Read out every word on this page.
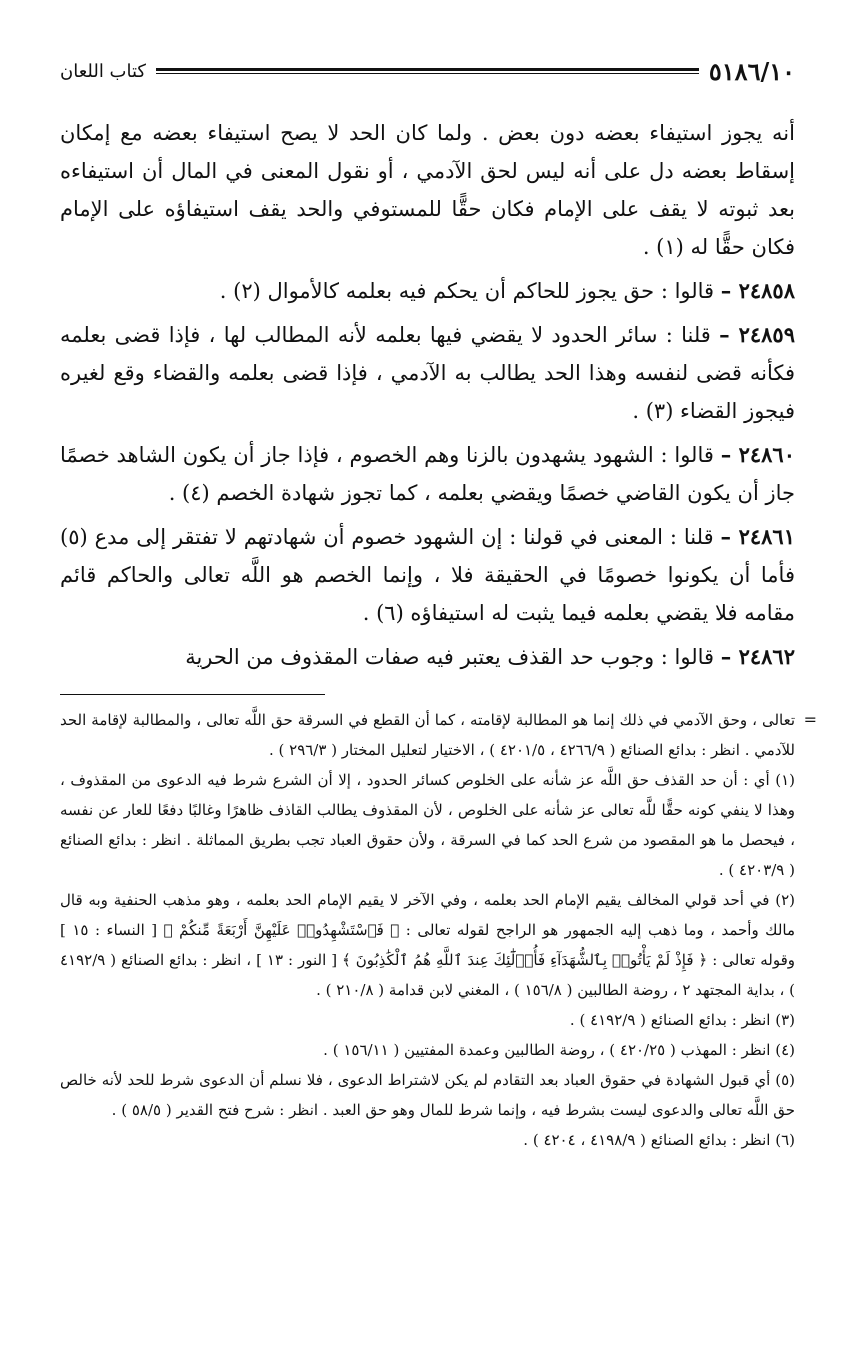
٥١٨٦/١٠
كتاب اللعان

أنه يجوز استيفاء بعضه دون بعض . ولما كان الحد لا يصح استيفاء بعضه مع إمكان إسقاط بعضه دل على أنه ليس لحق الآدمي ، أو نقول المعنى في المال أن استيفاءه بعد ثبوته لا يقف على الإمام فكان حقًّا للمستوفي والحد يقف استيفاؤه على الإمام فكان حقًّا له (١) .

٢٤٨٥٨ – قالوا : حق يجوز للحاكم أن يحكم فيه بعلمه كالأموال (٢) .

٢٤٨٥٩ – قلنا : سائر الحدود لا يقضي فيها بعلمه لأنه المطالب لها ، فإذا قضى بعلمه فكأنه قضى لنفسه وهذا الحد يطالب به الآدمي ، فإذا قضى بعلمه والقضاء وقع لغيره فيجوز القضاء (٣) .

٢٤٨٦٠ – قالوا : الشهود يشهدون بالزنا وهم الخصوم ، فإذا جاز أن يكون الشاهد خصمًا جاز أن يكون القاضي خصمًا ويقضي بعلمه ، كما تجوز شهادة الخصم (٤) .

٢٤٨٦١ – قلنا : المعنى في قولنا : إن الشهود خصوم أن شهادتهم لا تفتقر إلى مدع (٥) فأما أن يكونوا خصومًا في الحقيقة فلا ، وإنما الخصم هو اللَّه تعالى والحاكم قائم مقامه فلا يقضي بعلمه فيما يثبت له استيفاؤه (٦) .

٢٤٨٦٢ – قالوا : وجوب حد القذف يعتبر فيه صفات المقذوف من الحرية

=
تعالى ، وحق الآدمي في ذلك إنما هو المطالبة لإقامته ، كما أن القطع في السرقة حق اللَّه تعالى ، والمطالبة لإقامة الحد للآدمي . انظر : بدائع الصنائع ( ٤٢٦٦/٩ ، ٤٢٠١/٥ ) ، الاختيار لتعليل المختار ( ٢٩٦/٣ ) .

(١) أي : أن حد القذف حق اللَّه عز شأنه على الخلوص كسائر الحدود ، إلا أن الشرع شرط فيه الدعوى من المقذوف ، وهذا لا ينفي كونه حقًّا للَّه تعالى عز شأنه على الخلوص ، لأن المقذوف يطالب القاذف ظاهرًا وغالبًا دفعًا للعار عن نفسه ، فيحصل ما هو المقصود من شرع الحد كما في السرقة ، ولأن حقوق العباد تجب بطريق المماثلة . انظر : بدائع الصنائع ( ٤٢٠٣/٩ ) .

(٢) في أحد قولي المخالف يقيم الإمام الحد بعلمه ، وفي الآخر لا يقيم الإمام الحد بعلمه ، وهو مذهب الحنفية وبه قال مالك وأحمد ، وما ذهب إليه الجمهور هو الراجح لقوله تعالى : ﴿ فَٱسْتَشْهِدُوا۟ عَلَيْهِنَّ أَرْبَعَةً مِّنكُمْ ﴾ [ النساء : ١٥ ] وقوله تعالى : ﴿ فَإِذْ لَمْ يَأْتُوا۟ بِٱلشُّهَدَآءِ فَأُو۟لَٰٓئِكَ عِندَ ٱللَّهِ هُمُ ٱلْكَٰذِبُونَ ﴾ [ النور : ١٣ ] ، انظر : بدائع الصنائع ( ٤١٩٢/٩ ) ، بداية المجتهد ٢ ، روضة الطالبين ( ١٥٦/٨ ) ، المغني لابن قدامة ( ٢١٠/٨ ) .

(٣) انظر : بدائع الصنائع ( ٤١٩٢/٩ ) .

(٤) انظر : المهذب ( ٤٢٠/٢٥ ) ، روضة الطالبين وعمدة المفتيين ( ١٥٦/١١ ) .

(٥) أي قبول الشهادة في حقوق العباد بعد التقادم لم يكن لاشتراط الدعوى ، فلا نسلم أن الدعوى شرط للحد لأنه خالص حق اللَّه تعالى والدعوى ليست بشرط فيه ، وإنما شرط للمال وهو حق العبد . انظر : شرح فتح القدير ( ٥٨/٥ ) .

(٦) انظر : بدائع الصنائع ( ٤١٩٨/٩ ، ٤٢٠٤ ) .
